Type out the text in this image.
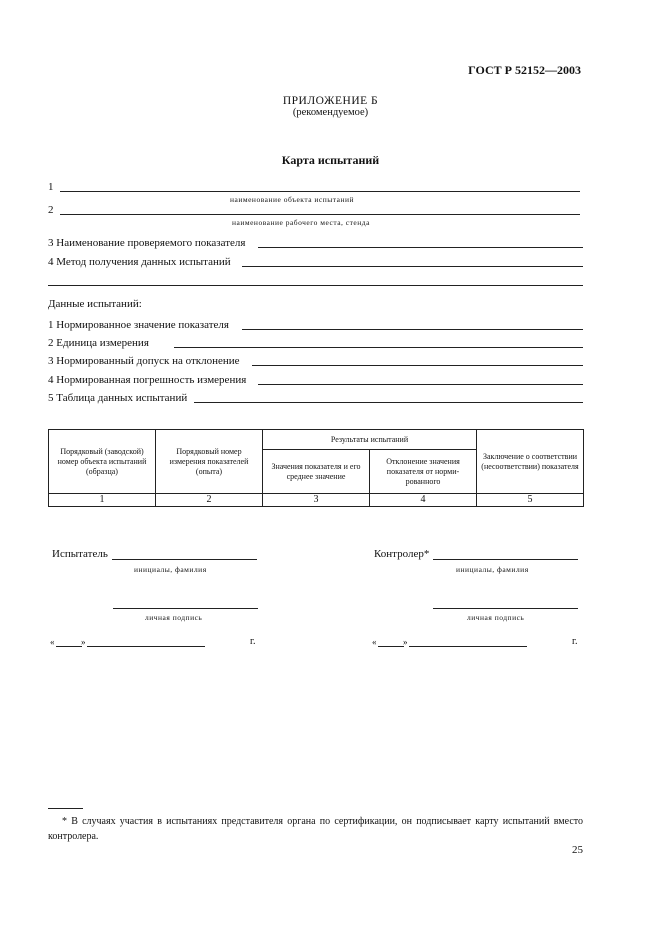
ГОСТ Р 52152—2003
ПРИЛОЖЕНИЕ Б
(рекомендуемое)
Карта испытаний
1
наименование объекта испытаний
2
наименование рабочего места, стенда
3 Наименование проверяемого показателя
4 Метод получения данных испытаний
Данные испытаний:
1 Нормированное значение показателя
2 Единица измерения
3 Нормированный допуск на отклонение
4 Нормированная погрешность измерения
5 Таблица данных испытаний
Порядковый (заводской) номер объекта испытаний (образца)	Порядковый номер измерения показателей (опыта)	Результаты испытаний		Заключение о соответствии (несоответствии) показателя
		Значения показателя и его среднее значение	Отклонение значения показателя от нормированного	
1	2	3	4	5
Испытатель
инициалы, фамилия
личная подпись
«	»	г.
Контролер*
инициалы, фамилия
личная подпись
«	»	г.
* В случаях участия в испытаниях представителя органа по сертификации, он подписывает карту испытаний вместо контролера.
25
